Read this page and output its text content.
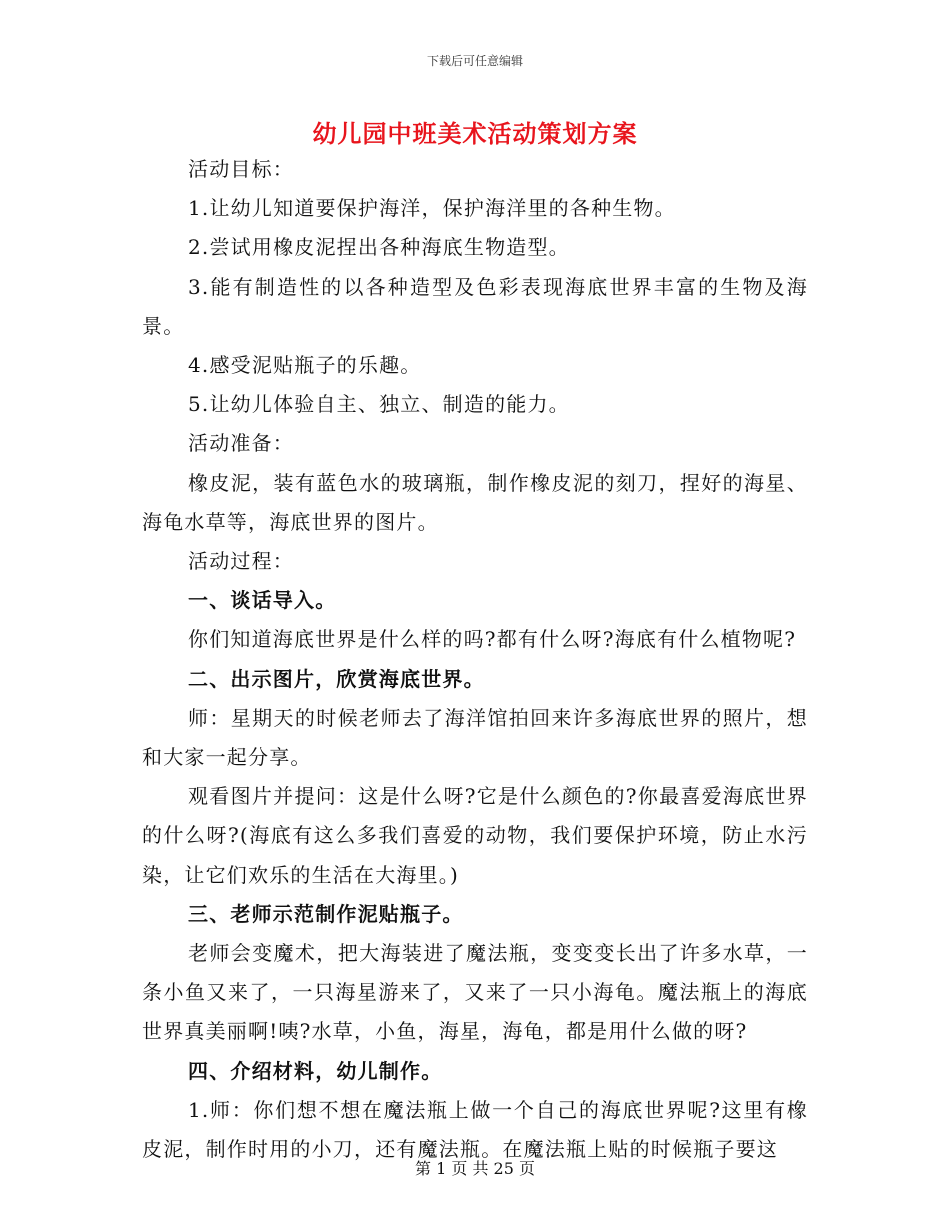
下载后可任意编辑
幼儿园中班美术活动策划方案

活动目标：

1.让幼儿知道要保护海洋，保护海洋里的各种生物。

2.尝试用橡皮泥捏出各种海底生物造型。

3.能有制造性的以各种造型及色彩表现海底世界丰富的生物及海景。

4.感受泥贴瓶子的乐趣。

5.让幼儿体验自主、独立、制造的能力。

活动准备：

橡皮泥，装有蓝色水的玻璃瓶，制作橡皮泥的刻刀，捏好的海星、海龟水草等，海底世界的图片。

活动过程：

一、谈话导入。

你们知道海底世界是什么样的吗?都有什么呀?海底有什么植物呢?

二、出示图片，欣赏海底世界。

师：星期天的时候老师去了海洋馆拍回来许多海底世界的照片，想和大家一起分享。

观看图片并提问：这是什么呀?它是什么颜色的?你最喜爱海底世界的什么呀?(海底有这么多我们喜爱的动物，我们要保护环境，防止水污染，让它们欢乐的生活在大海里。)

三、老师示范制作泥贴瓶子。

老师会变魔术，把大海装进了魔法瓶，变变变长出了许多水草，一条小鱼又来了，一只海星游来了，又来了一只小海龟。魔法瓶上的海底世界真美丽啊!咦?水草，小鱼，海星，海龟，都是用什么做的呀?

四、介绍材料，幼儿制作。

1.师：你们想不想在魔法瓶上做一个自己的海底世界呢?这里有橡皮泥，制作时用的小刀，还有魔法瓶。在魔法瓶上贴的时候瓶子要这

第 1 页 共 25 页
